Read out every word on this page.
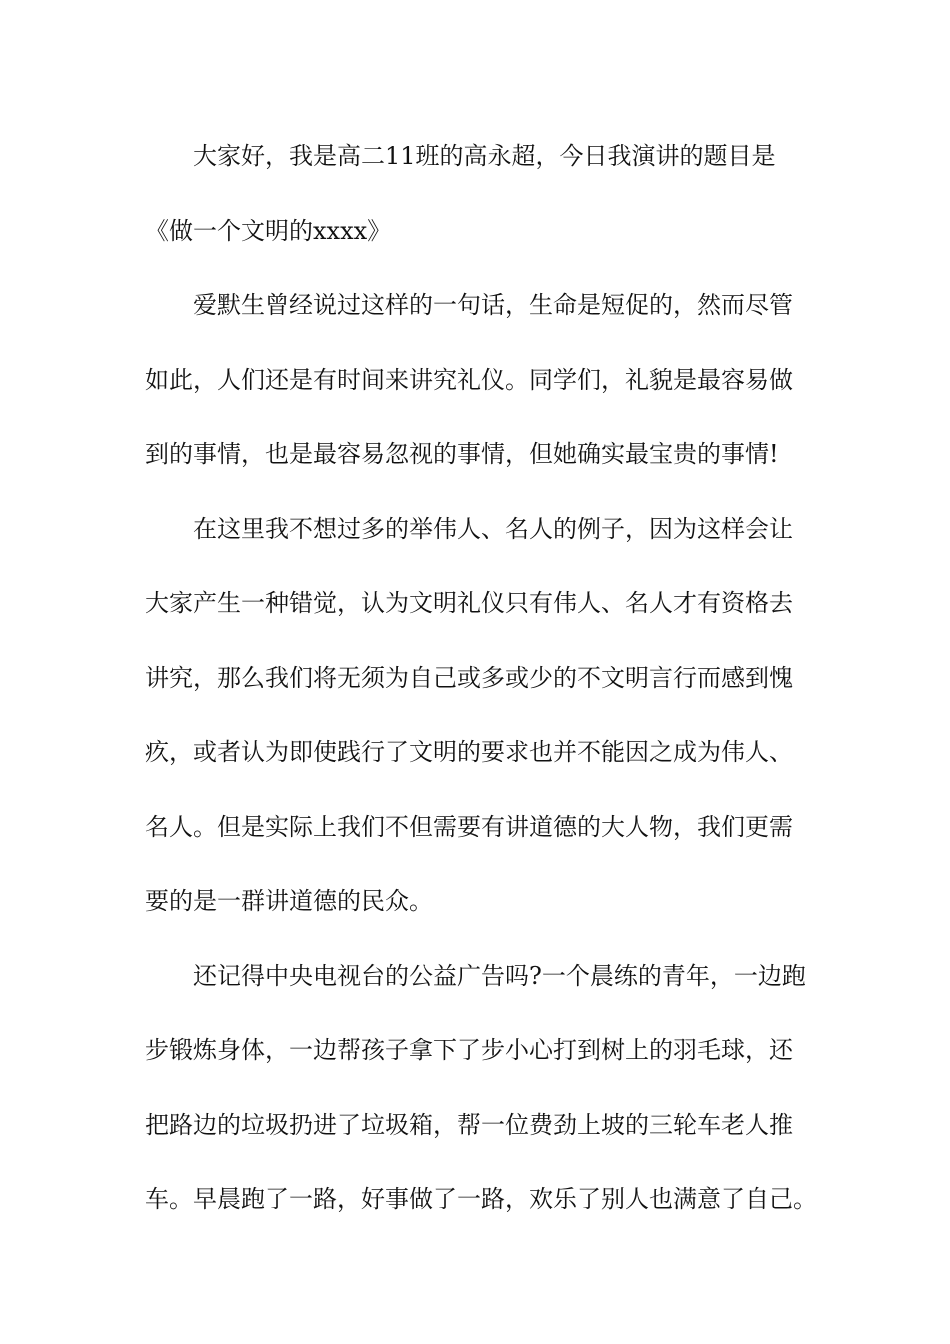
大家好，我是高二11班的高永超，今日我演讲的题目是
《做一个文明的xxxx》

爱默生曾经说过这样的一句话，生命是短促的，然而尽管
如此，人们还是有时间来讲究礼仪。同学们，礼貌是最容易做
到的事情，也是最容易忽视的事情，但她确实最宝贵的事情!

在这里我不想过多的举伟人、名人的例子，因为这样会让
大家产生一种错觉，认为文明礼仪只有伟人、名人才有资格去
讲究，那么我们将无须为自己或多或少的不文明言行而感到愧
疚，或者认为即使践行了文明的要求也并不能因之成为伟人、
名人。但是实际上我们不但需要有讲道德的大人物，我们更需
要的是一群讲道德的民众。

还记得中央电视台的公益广告吗?一个晨练的青年，一边跑
步锻炼身体，一边帮孩子拿下了步小心打到树上的羽毛球，还
把路边的垃圾扔进了垃圾箱，帮一位费劲上坡的三轮车老人推
车。早晨跑了一路，好事做了一路，欢乐了别人也满意了自己。
